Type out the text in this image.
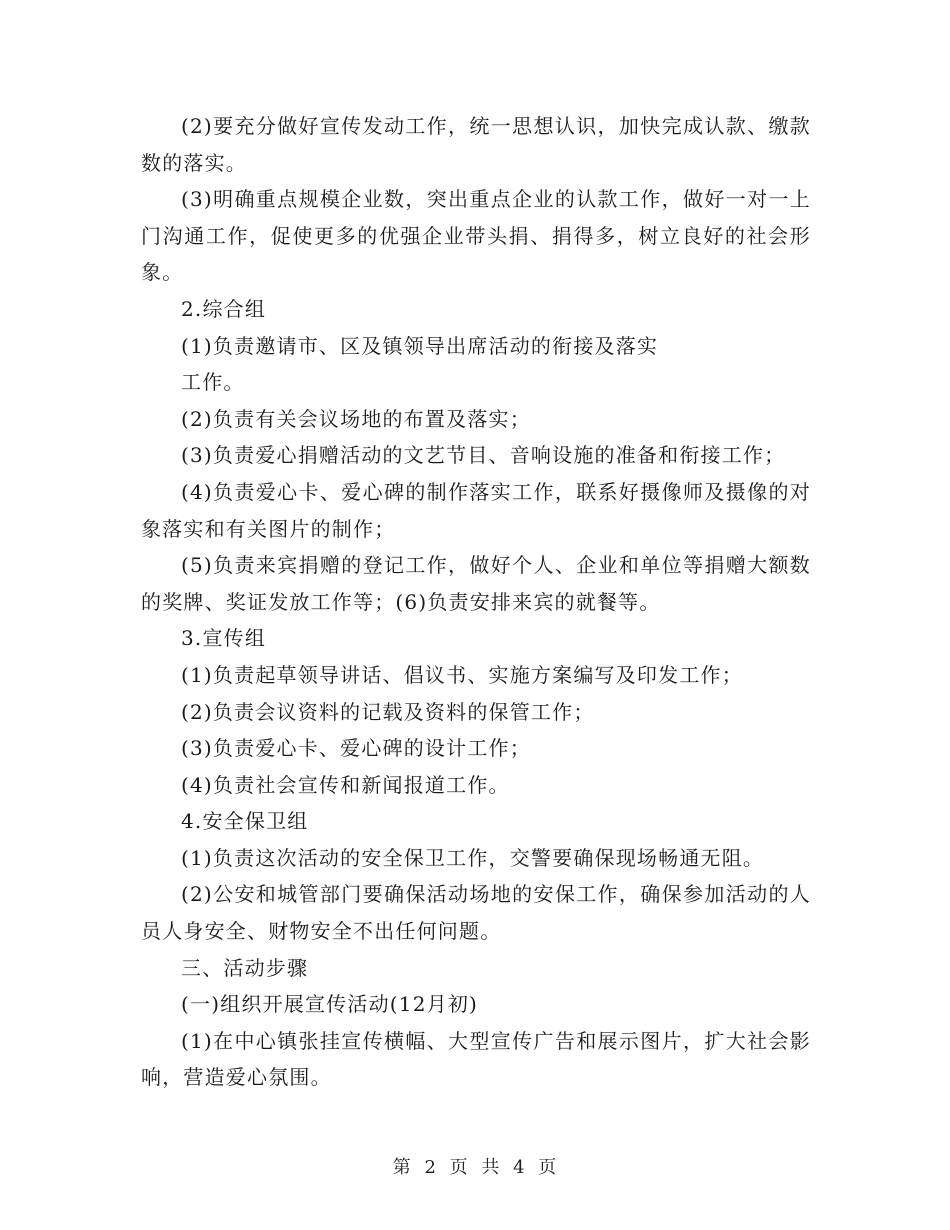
(2)要充分做好宣传发动工作，统一思想认识，加快完成认款、缴款数的落实。

(3)明确重点规模企业数，突出重点企业的认款工作，做好一对一上门沟通工作，促使更多的优强企业带头捐、捐得多，树立良好的社会形象。

2.综合组

(1)负责邀请市、区及镇领导出席活动的衔接及落实

工作。

(2)负责有关会议场地的布置及落实；

(3)负责爱心捐赠活动的文艺节目、音响设施的准备和衔接工作；

(4)负责爱心卡、爱心碑的制作落实工作，联系好摄像师及摄像的对象落实和有关图片的制作；

(5)负责来宾捐赠的登记工作，做好个人、企业和单位等捐赠大额数的奖牌、奖证发放工作等；(6)负责安排来宾的就餐等。

3.宣传组

(1)负责起草领导讲话、倡议书、实施方案编写及印发工作；

(2)负责会议资料的记载及资料的保管工作；

(3)负责爱心卡、爱心碑的设计工作；

(4)负责社会宣传和新闻报道工作。

4.安全保卫组

(1)负责这次活动的安全保卫工作，交警要确保现场畅通无阻。

(2)公安和城管部门要确保活动场地的安保工作，确保参加活动的人员人身安全、财物安全不出任何问题。

三、活动步骤

(一)组织开展宣传活动(12月初)

(1)在中心镇张挂宣传横幅、大型宣传广告和展示图片，扩大社会影响，营造爱心氛围。

第 2 页 共 4 页
